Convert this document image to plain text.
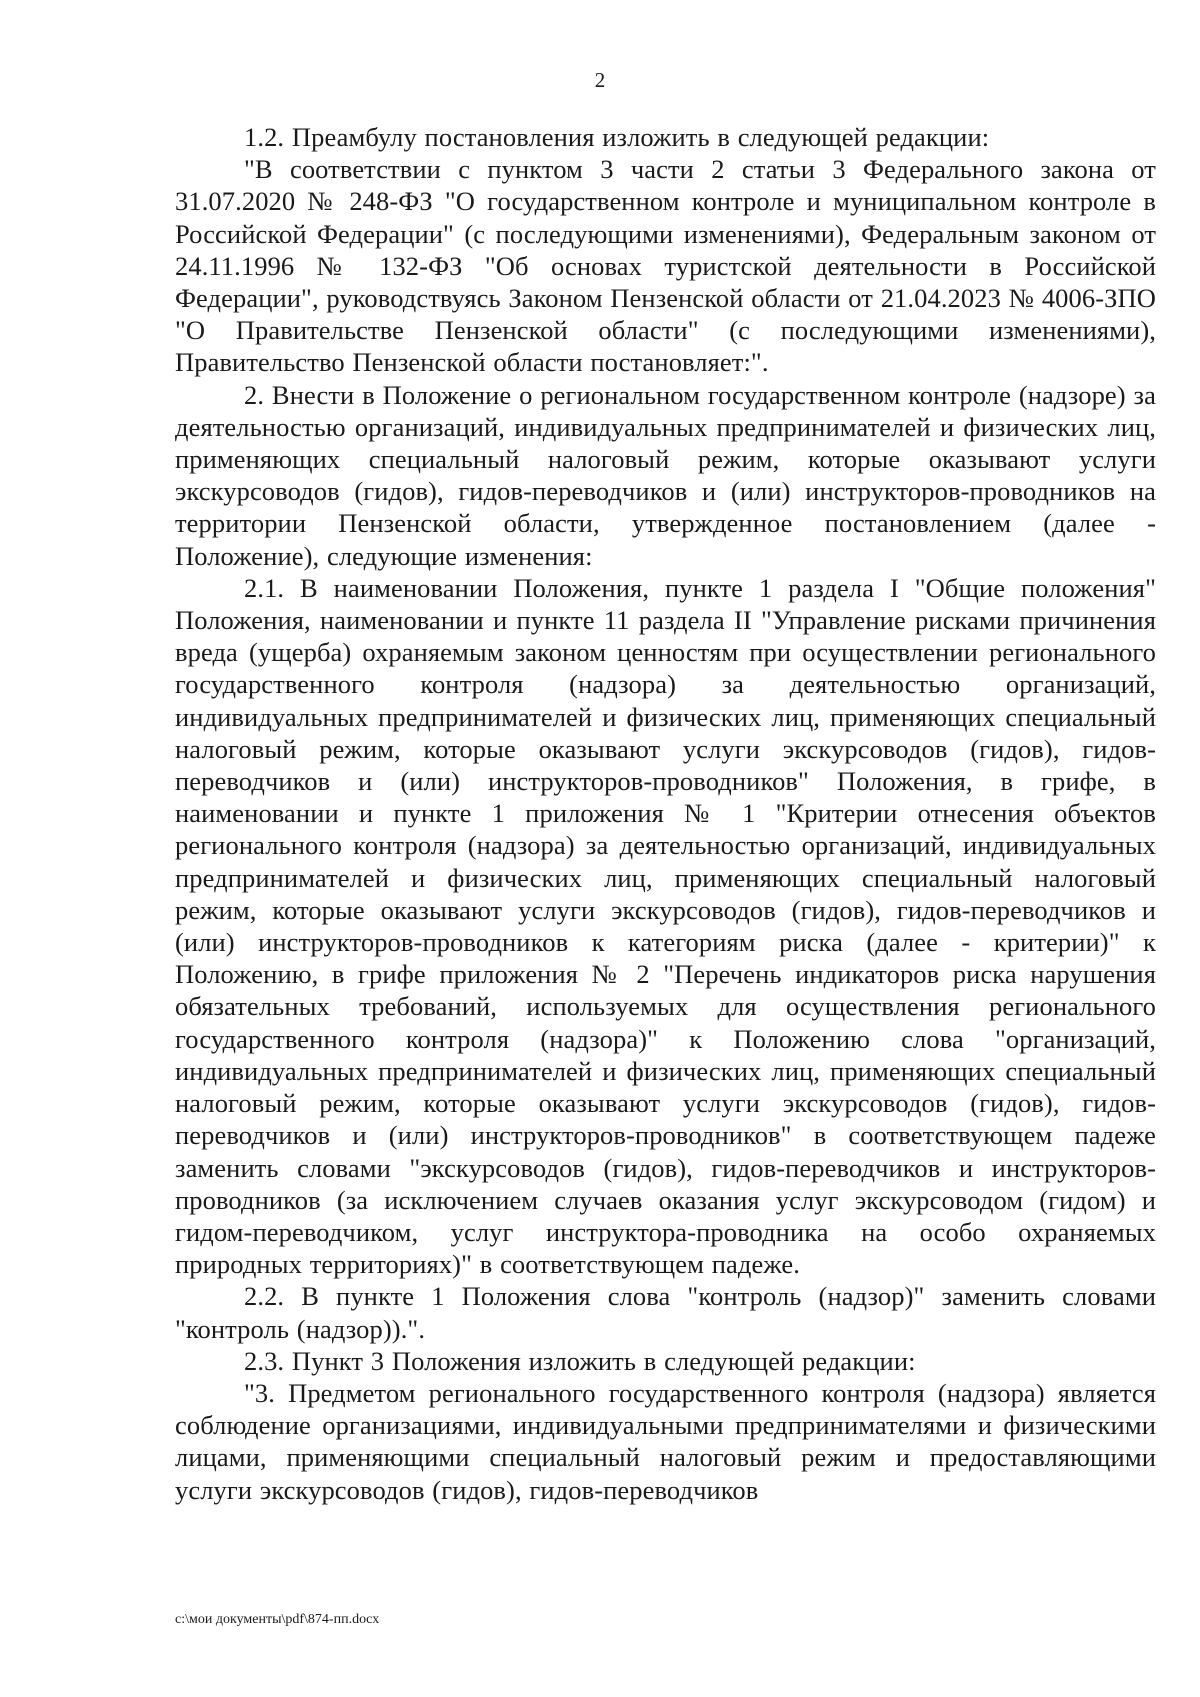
2

1.2. Преамбулу постановления изложить в следующей редакции:

"В соответствии с пунктом 3 части 2 статьи 3 Федерального закона от 31.07.2020 № 248-ФЗ "О государственном контроле и муниципальном контроле в Российской Федерации" (с последующими изменениями), Федеральным законом от 24.11.1996 № 132-ФЗ "Об основах туристской деятельности в Российской Федерации", руководствуясь Законом Пензенской области от 21.04.2023 № 4006-ЗПО "О Правительстве Пензенской области" (с последующими изменениями), Правительство Пензенской области постановляет:".

2. Внести в Положение о региональном государственном контроле (надзоре) за деятельностью организаций, индивидуальных предпринимателей и физических лиц, применяющих специальный налоговый режим, которые оказывают услуги экскурсоводов (гидов), гидов-переводчиков и (или) инструкторов-проводников на территории Пензенской области, утвержденное постановлением (далее - Положение), следующие изменения:

2.1. В наименовании Положения, пункте 1 раздела I "Общие положения" Положения, наименовании и пункте 11 раздела II "Управление рисками причинения вреда (ущерба) охраняемым законом ценностям при осуществлении регионального государственного контроля (надзора) за деятельностью организаций, индивидуальных предпринимателей и физических лиц, применяющих специальный налоговый режим, которые оказывают услуги экскурсоводов (гидов), гидов-переводчиков и (или) инструкторов-проводников" Положения, в грифе, в наименовании и пункте 1 приложения № 1 "Критерии отнесения объектов регионального контроля (надзора) за деятельностью организаций, индивидуальных предпринимателей и физических лиц, применяющих специальный налоговый режим, которые оказывают услуги экскурсоводов (гидов), гидов-переводчиков и (или) инструкторов-проводников к категориям риска (далее - критерии)" к Положению, в грифе приложения № 2 "Перечень индикаторов риска нарушения обязательных требований, используемых для осуществления регионального государственного контроля (надзора)" к Положению слова "организаций, индивидуальных предпринимателей и физических лиц, применяющих специальный налоговый режим, которые оказывают услуги экскурсоводов (гидов), гидов-переводчиков и (или) инструкторов-проводников" в соответствующем падеже заменить словами "экскурсоводов (гидов), гидов-переводчиков и инструкторов-проводников (за исключением случаев оказания услуг экскурсоводом (гидом) и гидом-переводчиком, услуг инструктора-проводника на особо охраняемых природных территориях)" в соответствующем падеже.

2.2. В пункте 1 Положения слова "контроль (надзор)" заменить словами "контроль (надзор)).".

2.3. Пункт 3 Положения изложить в следующей редакции:

"3. Предметом регионального государственного контроля (надзора) является соблюдение организациями, индивидуальными предпринимателями и физическими лицами, применяющими специальный налоговый режим и предоставляющими услуги экскурсоводов (гидов), гидов-переводчиков

c:\мои документы\pdf\874-пп.docx
